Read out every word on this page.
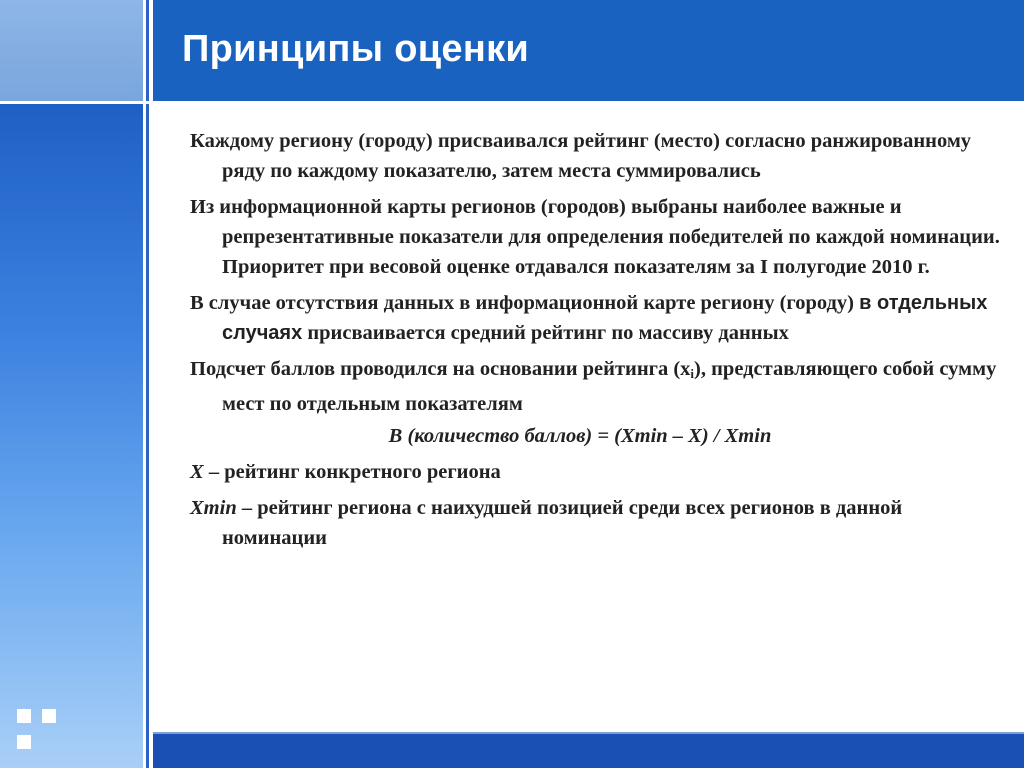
Принципы оценки

Каждому региону (городу) присваивался рейтинг (место) согласно ранжированному ряду по каждому показателю, затем места суммировались

Из информационной карты регионов (городов) выбраны наиболее важные и репрезентативные показатели для определения победителей по каждой номинации. Приоритет при весовой оценке отдавался показателям за I полугодие 2010 г.

В случае отсутствия данных в информационной карте региону (городу) в отдельных случаях присваивается средний рейтинг по массиву данных

Подсчет баллов проводился на основании рейтинга $(x_i)$, представляющего собой сумму мест по отдельным показателям

B (количество баллов) = (Xmin – X) / Xmin

X – рейтинг конкретного региона

Xmin – рейтинг региона с наихудшей позицией среди всех регионов в данной номинации
